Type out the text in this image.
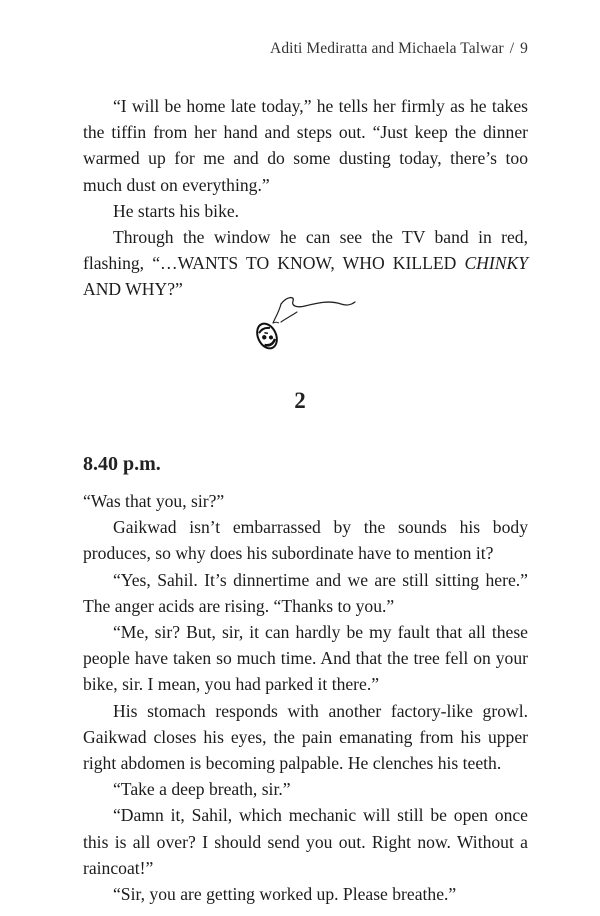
Aditi Mediratta and Michaela Talwar / 9

“I will be home late today,” he tells her firmly as he takes the tiffin from her hand and steps out. “Just keep the dinner warmed up for me and do some dusting today, there’s too much dust on everything.”

He starts his bike.

Through the window he can see the TV band in red, flashing, “…WANTS TO KNOW, WHO KILLED CHINKY AND WHY?”

2
8.40 p.m.

“Was that you, sir?”

Gaikwad isn’t embarrassed by the sounds his body produces, so why does his subordinate have to mention it?

“Yes, Sahil. It’s dinnertime and we are still sitting here.” The anger acids are rising. “Thanks to you.”

“Me, sir? But, sir, it can hardly be my fault that all these people have taken so much time. And that the tree fell on your bike, sir. I mean, you had parked it there.”

His stomach responds with another factory-like growl. Gaikwad closes his eyes, the pain emanating from his upper right abdomen is becoming palpable. He clenches his teeth.

“Take a deep breath, sir.”

“Damn it, Sahil, which mechanic will still be open once this is all over? I should send you out. Right now. Without a raincoat!”

“Sir, you are getting worked up. Please breathe.”
